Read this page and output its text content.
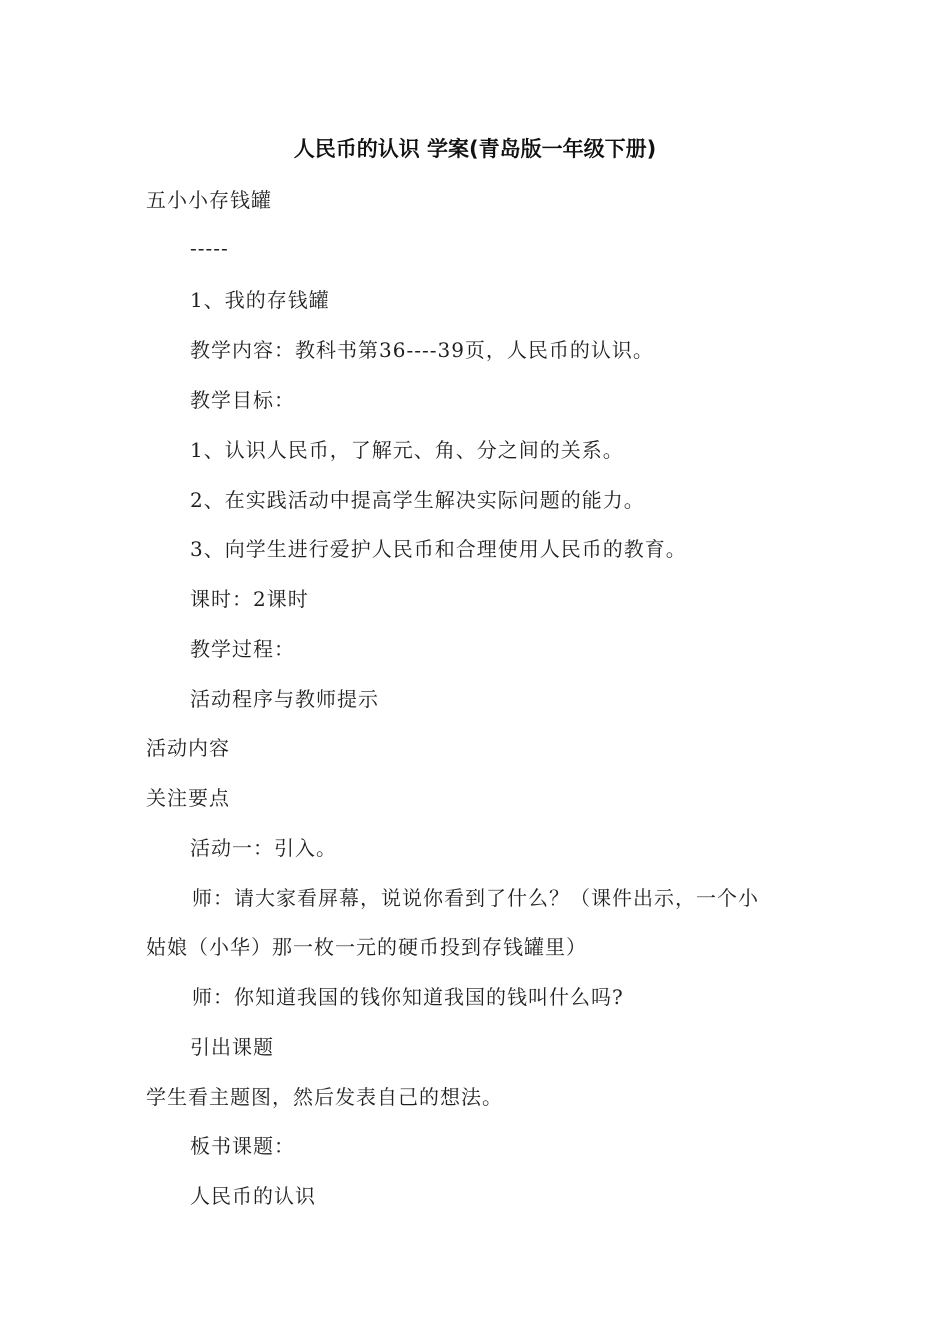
人民币的认识 学案(青岛版一年级下册)
五小小存钱罐
-----
1、我的存钱罐
教学内容：教科书第36----39页，人民币的认识。
教学目标：
1、认识人民币，了解元、角、分之间的关系。
2、在实践活动中提高学生解决实际问题的能力。
3、向学生进行爱护人民币和合理使用人民币的教育。
课时：2课时
教学过程：
活动程序与教师提示
活动内容
关注要点
活动一：引入。
师：请大家看屏幕，说说你看到了什么？（课件出示，一个小
姑娘（小华）那一枚一元的硬币投到存钱罐里）
师：你知道我国的钱你知道我国的钱叫什么吗?
引出课题
学生看主题图，然后发表自己的想法。
板书课题：
人民币的认识
